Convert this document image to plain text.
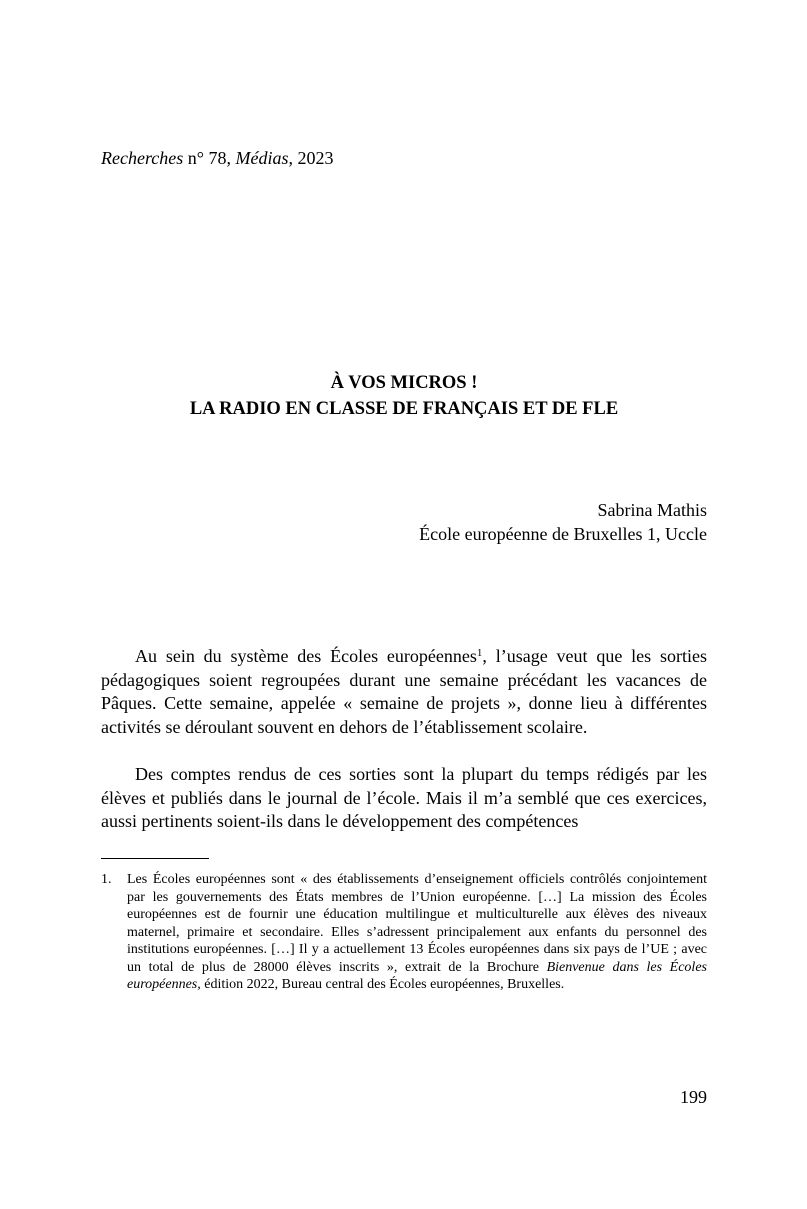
Recherches n° 78, Médias, 2023
À VOS MICROS !
LA RADIO EN CLASSE DE FRANÇAIS ET DE FLE
Sabrina Mathis
École européenne de Bruxelles 1, Uccle

Au sein du système des Écoles européennes$^1$, l’usage veut que les sorties pédagogiques soient regroupées durant une semaine précédant les vacances de Pâques. Cette semaine, appelée « semaine de projets », donne lieu à différentes activités se déroulant souvent en dehors de l’établissement scolaire.

Des comptes rendus de ces sorties sont la plupart du temps rédigés par les élèves et publiés dans le journal de l’école. Mais il m’a semblé que ces exercices, aussi pertinents soient-ils dans le développement des compétences

1.	Les Écoles européennes sont « des établissements d’enseignement officiels contrôlés conjointement par les gouvernements des États membres de l’Union européenne. […] La mission des Écoles européennes est de fournir une éducation multilingue et multiculturelle aux élèves des niveaux maternel, primaire et secondaire. Elles s’adressent principalement aux enfants du personnel des institutions européennes. […] Il y a actuellement 13 Écoles européennes dans six pays de l’UE ; avec un total de plus de 28000 élèves inscrits », extrait de la Brochure Bienvenue dans les Écoles européennes, édition 2022, Bureau central des Écoles européennes, Bruxelles.
199
